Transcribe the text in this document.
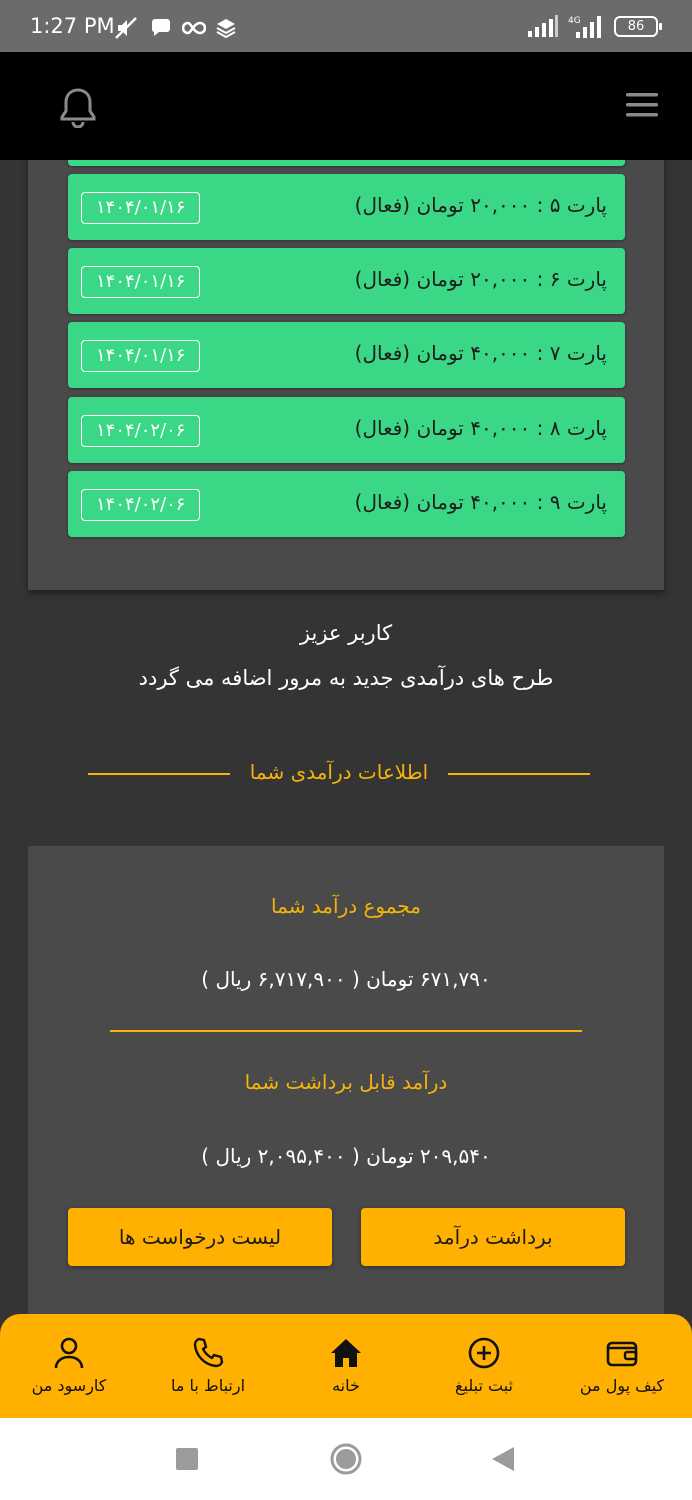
1:27 PM	4G	86
پارت ۵ : ۲۰,۰۰۰ تومان (فعال)
۱۴۰۴/۰۱/۱۶
پارت ۶ : ۲۰,۰۰۰ تومان (فعال)
۱۴۰۴/۰۱/۱۶
پارت ۷ : ۴۰,۰۰۰ تومان (فعال)
۱۴۰۴/۰۱/۱۶
پارت ۸ : ۴۰,۰۰۰ تومان (فعال)
۱۴۰۴/۰۲/۰۶
پارت ۹ : ۴۰,۰۰۰ تومان (فعال)
۱۴۰۴/۰۲/۰۶
کاربر عزیز
طرح های درآمدی جدید به مرور اضافه می گردد
اطلاعات درآمدی شما
مجموع درآمد شما
۶۷۱,۷۹۰ تومان ( ۶,۷۱۷,۹۰۰ ریال )
درآمد قابل برداشت شما
۲۰۹,۵۴۰ تومان ( ۲,۰۹۵,۴۰۰ ریال )
برداشت درآمد
لیست درخواست ها
کیف پول من
ثبت تبلیغ
خانه
ارتباط با ما
کارسود من
